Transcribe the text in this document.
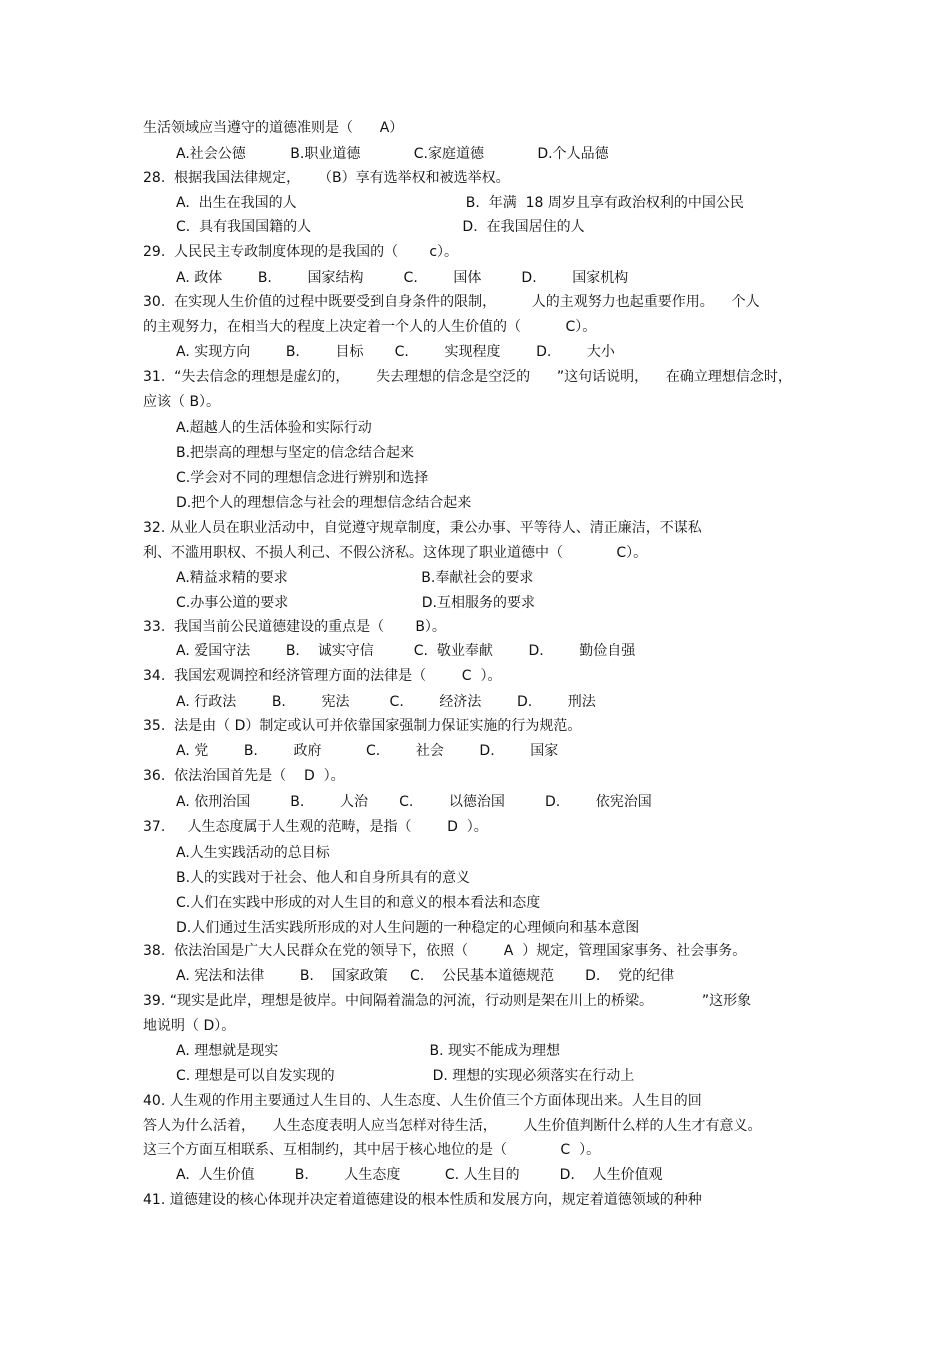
生活领域应当遵守的道德准则是（      A）
A.社会公德          B.职业道德            C.家庭道德            D.个人品德
28.  根据我国法律规定，    （B）享有选举权和被选举权。
A.  出生在我国的人                                      B.  年满  18 周岁且享有政治权利的中国公民
C.  具有我国国籍的人                                  D.  在我国居住的人
29.  人民民主专政制度体现的是我国的（       c）。
A. 政体        B.        国家结构         C.        国体         D.        国家机构
30.  在实现人生价值的过程中既要受到自身条件的限制，        人的主观努力也起重要作用。    个人
的主观努力，在相当大的程度上决定着一个人的人生价值的（          C）。
A. 实现方向        B.        目标       C.        实现程度        D.        大小
31.  “失去信念的理想是虚幻的，      失去理想的信念是空泛的      ”这句话说明，    在确立理想信念时，
应该（ B）。
A.超越人的生活体验和实际行动
B.把崇高的理想与坚定的信念结合起来
C.学会对不同的理想信念进行辨别和选择
D.把个人的理想信念与社会的理想信念结合起来
32. 从业人员在职业活动中，自觉遵守规章制度，秉公办事、平等待人、清正廉洁，不谋私
利、不滥用职权、不损人利己、不假公济私。这体现了职业道德中（            C）。
A.精益求精的要求                              B.奉献社会的要求
C.办事公道的要求                              D.互相服务的要求
33.  我国当前公民道德建设的重点是（       B）。
A. 爱国守法        B.    诚实守信         C.  敬业奉献        D.        勤俭自强
34.  我国宏观调控和经济管理方面的法律是（        C  ）。
A. 行政法        B.        宪法         C.        经济法        D.        刑法
35.  法是由（ D）制定或认可并依靠国家强制力保证实施的行为规范。
A. 党        B.        政府          C.        社会        D.        国家
36.  依法治国首先是（    D  ）。
A. 依刑治国         B.        人治       C.        以德治国         D.        依宪治国
37.     人生态度属于人生观的范畴，是指（        D  ）。
A.人生实践活动的总目标
B.人的实践对于社会、他人和自身所具有的意义
C.人们在实践中形成的对人生目的和意义的根本看法和态度
D.人们通过生活实践所形成的对人生问题的一种稳定的心理倾向和基本意图
38.  依法治国是广大人民群众在党的领导下，依照（        A  ）规定，管理国家事务、社会事务。
A. 宪法和法律        B.    国家政策     C.    公民基本道德规范       D.    党的纪律
39. “现实是此岸，理想是彼岸。中间隔着湍急的河流，行动则是架在川上的桥梁。           ”这形象
地说明（ D）。
A. 理想就是现实                                  B. 现实不能成为理想
C. 理想是可以自发实现的                      D. 理想的实现必须落实在行动上
40. 人生观的作用主要通过人生目的、人生态度、人生价值三个方面体现出来。人生目的回
答人为什么活着，    人生态度表明人应当怎样对待生活，      人生价值判断什么样的人生才有意义。
这三个方面互相联系、互相制约，其中居于核心地位的是（            C  ）。
A.  人生价值         B.        人生态度          C. 人生目的         D.    人生价值观
41. 道德建设的核心体现并决定着道德建设的根本性质和发展方向，规定着道德领域的种种
